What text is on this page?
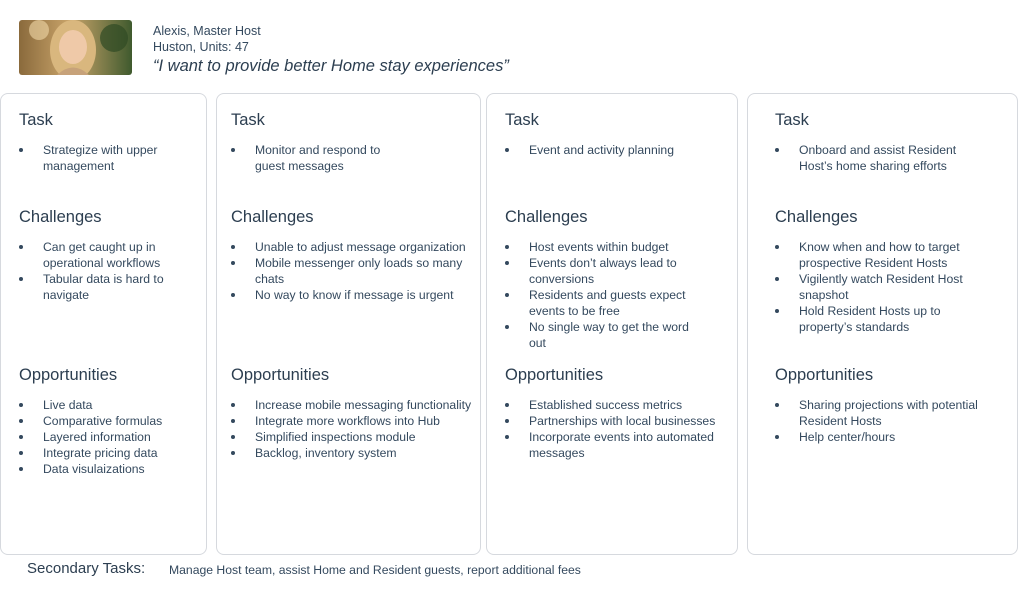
Alexis, Master Host
Huston, Units: 47
“I want to provide better Home stay experiences”
Task
Strategize with upper management
Challenges
Can get caught up in operational workflows
Tabular data is hard to navigate
Opportunities
Live data
Comparative formulas
Layered information
Integrate pricing data
Data visulaizations
Task
Monitor and respond to guest messages
Challenges
Unable to adjust message organization
Mobile messenger only loads so many chats
No way to know if message is urgent
Opportunities
Increase mobile messaging functionality
Integrate more workflows into Hub
Simplified inspections module
Backlog, inventory system
Task
Event and activity planning
Challenges
Host events within budget
Events don’t always lead to conversions
Residents and guests expect events to be free
No single way to get the word out
Opportunities
Established success metrics
Partnerships with local businesses
Incorporate events into automated messages
Task
Onboard and assist Resident Host’s home sharing efforts
Challenges
Know when and how to target prospective Resident Hosts
Vigilently watch Resident Host snapshot
Hold Resident Hosts up to property’s standards
Opportunities
Sharing projections with potential Resident Hosts
Help center/hours
Secondary Tasks: Manage Host team, assist Home and Resident guests, report additional fees
